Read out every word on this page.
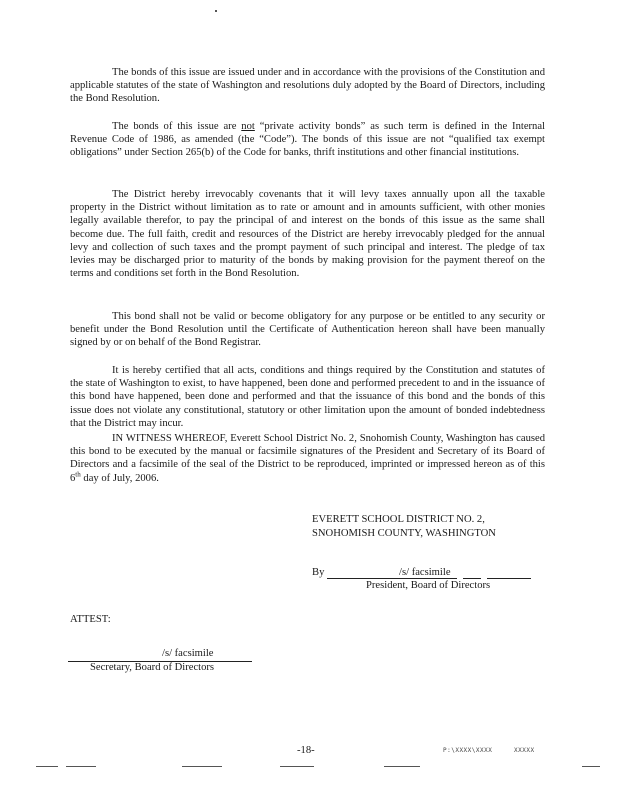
The bonds of this issue are issued under and in accordance with the provisions of the Constitution and applicable statutes of the state of Washington and resolutions duly adopted by the Board of Directors, including the Bond Resolution.

The bonds of this issue are not “private activity bonds” as such term is defined in the Internal Revenue Code of 1986, as amended (the “Code”). The bonds of this issue are not “qualified tax exempt obligations” under Section 265(b) of the Code for banks, thrift institutions and other financial institutions.

The District hereby irrevocably covenants that it will levy taxes annually upon all the taxable property in the District without limitation as to rate or amount and in amounts sufficient, with other monies legally available therefor, to pay the principal of and interest on the bonds of this issue as the same shall become due. The full faith, credit and resources of the District are hereby irrevocably pledged for the annual levy and collection of such taxes and the prompt payment of such principal and interest. The pledge of tax levies may be discharged prior to maturity of the bonds by making provision for the payment thereof on the terms and conditions set forth in the Bond Resolution.

This bond shall not be valid or become obligatory for any purpose or be entitled to any security or benefit under the Bond Resolution until the Certificate of Authentication hereon shall have been manually signed by or on behalf of the Bond Registrar.

It is hereby certified that all acts, conditions and things required by the Constitution and statutes of the state of Washington to exist, to have happened, been done and performed precedent to and in the issuance of this bond have happened, been done and performed and that the issuance of this bond and the bonds of this issue does not violate any constitutional, statutory or other limitation upon the amount of bonded indebtedness that the District may incur.

IN WITNESS WHEREOF, Everett School District No. 2, Snohomish County, Washington has caused this bond to be executed by the manual or facsimile signatures of the President and Secretary of its Board of Directors and a facsimile of the seal of the District to be reproduced, imprinted or impressed hereon as of this 6th day of July, 2006.

EVERETT SCHOOL DISTRICT NO. 2,
SNOHOMISH COUNTY, WASHINGTON
By	/s/ facsimile
President, Board of Directors
ATTEST:
/s/ facsimile
Secretary, Board of Directors
-18-	P:\XXXX\XXXX	XXXXX
